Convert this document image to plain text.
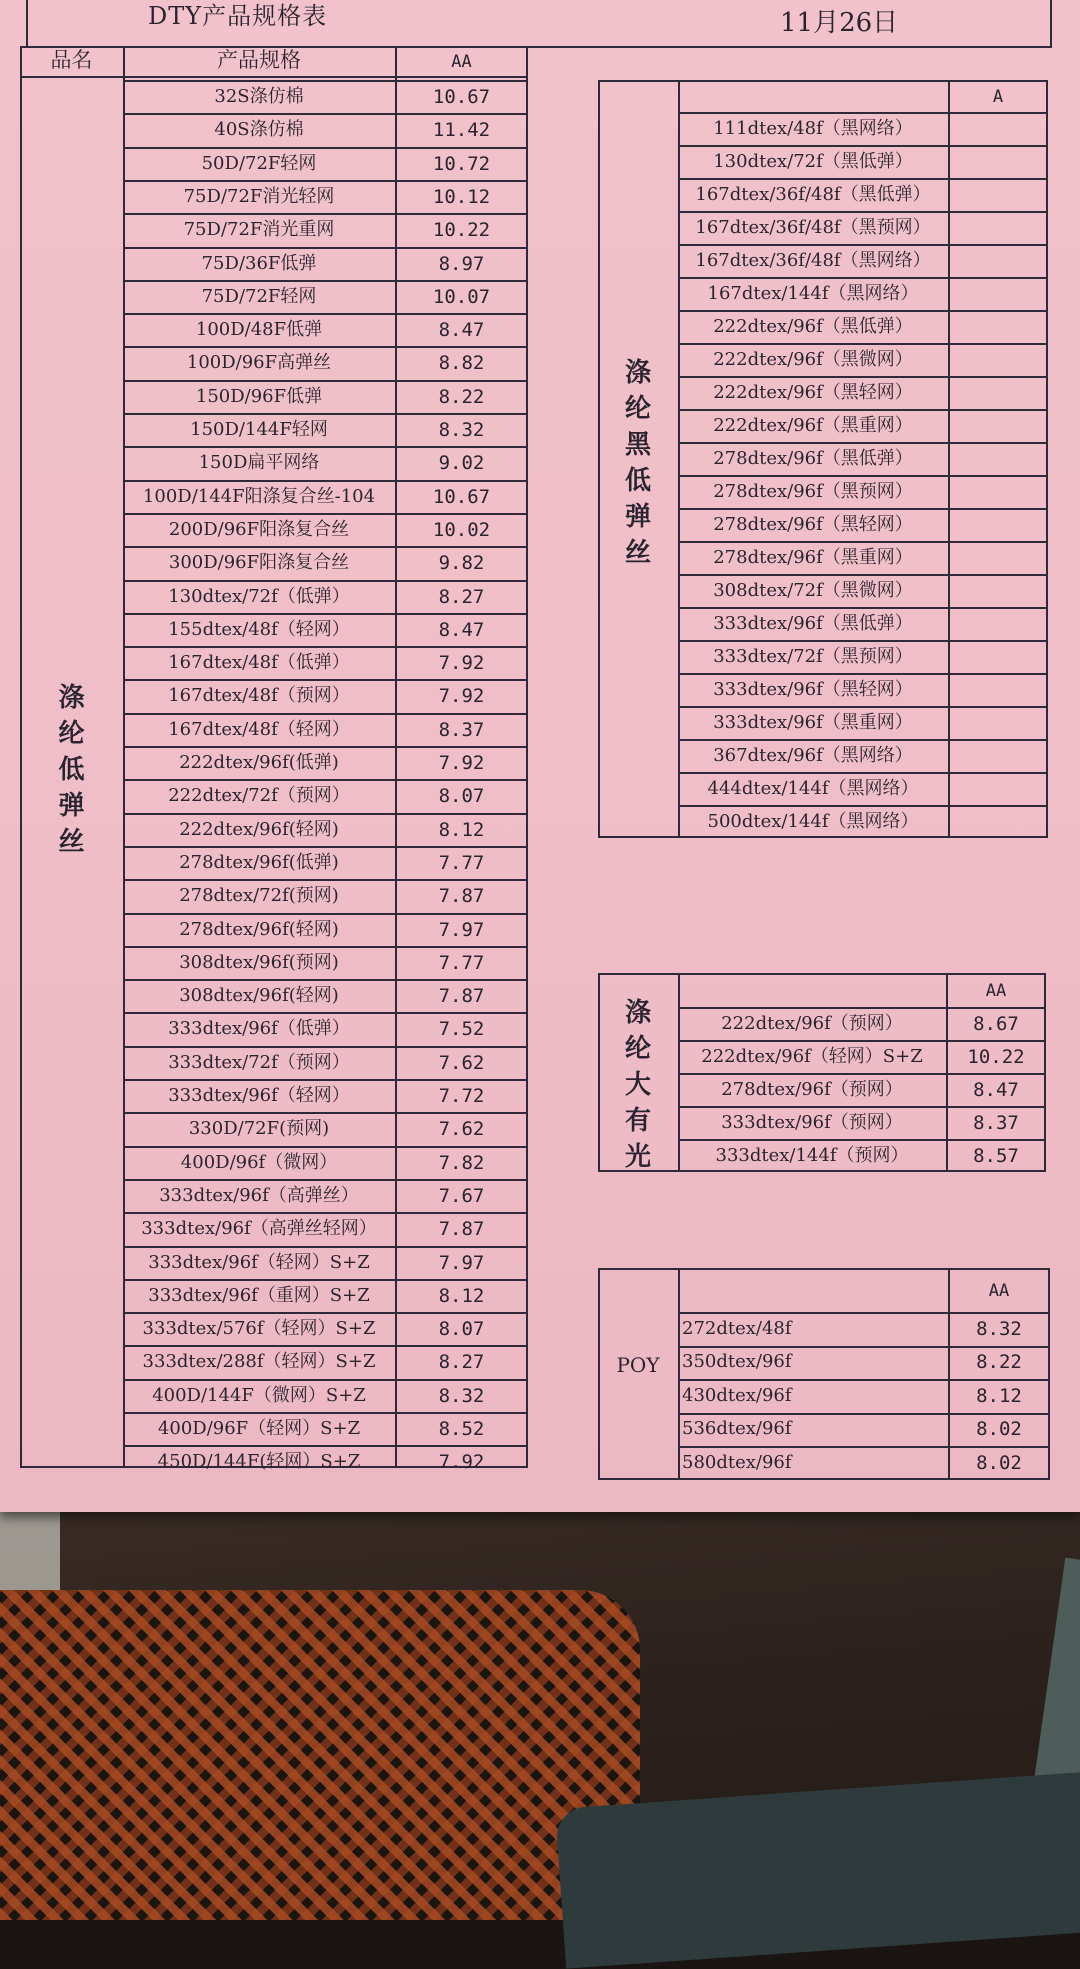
DTY产品规格表	11月26日
品名	产品规格	AA
涤纶低弹丝
32S涤仿棉	10.67
40S涤仿棉	11.42
50D/72F轻网	10.72
75D/72F消光轻网	10.12
75D/72F消光重网	10.22
75D/36F低弹	8.97
75D/72F轻网	10.07
100D/48F低弹	8.47
100D/96F高弹丝	8.82
150D/96F低弹	8.22
150D/144F轻网	8.32
150D扁平网络	9.02
100D/144F阳涤复合丝-104	10.67
200D/96F阳涤复合丝	10.02
300D/96F阳涤复合丝	9.82
130dtex/72f（低弹）	8.27
155dtex/48f（轻网）	8.47
167dtex/48f（低弹）	7.92
167dtex/48f（预网）	7.92
167dtex/48f（轻网）	8.37
222dtex/96f(低弹)	7.92
222dtex/72f（预网）	8.07
222dtex/96f(轻网)	8.12
278dtex/96f(低弹)	7.77
278dtex/72f(预网)	7.87
278dtex/96f(轻网)	7.97
308dtex/96f(预网)	7.77
308dtex/96f(轻网)	7.87
333dtex/96f（低弹）	7.52
333dtex/72f（预网）	7.62
333dtex/96f（轻网）	7.72
330D/72F(预网)	7.62
400D/96f（微网）	7.82
333dtex/96f（高弹丝）	7.67
333dtex/96f（高弹丝轻网）	7.87
333dtex/96f（轻网）S+Z	7.97
333dtex/96f（重网）S+Z	8.12
333dtex/576f（轻网）S+Z	8.07
333dtex/288f（轻网）S+Z	8.27
400D/144F（微网）S+Z	8.32
400D/96F（轻网）S+Z	8.52
450D/144F(轻网）S+Z	7.92
A
涤纶黑低弹丝
111dtex/48f（黑网络）
130dtex/72f（黑低弹）
167dtex/36f/48f（黑低弹）
167dtex/36f/48f（黑预网）
167dtex/36f/48f（黑网络）
167dtex/144f（黑网络）
222dtex/96f（黑低弹）
222dtex/96f（黑微网）
222dtex/96f（黑轻网）
222dtex/96f（黑重网）
278dtex/96f（黑低弹）
278dtex/96f（黑预网）
278dtex/96f（黑轻网）
278dtex/96f（黑重网）
308dtex/72f（黑微网）
333dtex/96f（黑低弹）
333dtex/72f（黑预网）
333dtex/96f（黑轻网）
333dtex/96f（黑重网）
367dtex/96f（黑网络）
444dtex/144f（黑网络）
500dtex/144f（黑网络）
AA
涤纶大有光
222dtex/96f（预网）	8.67
222dtex/96f（轻网）S+Z 10.22
278dtex/96f（预网）	8.47
333dtex/96f（预网）	8.37
333dtex/144f（预网）	8.57
AA
POY
272dtex/48f	8.32
350dtex/96f	8.22
430dtex/96f	8.12
536dtex/96f	8.02
580dtex/96f	8.02
